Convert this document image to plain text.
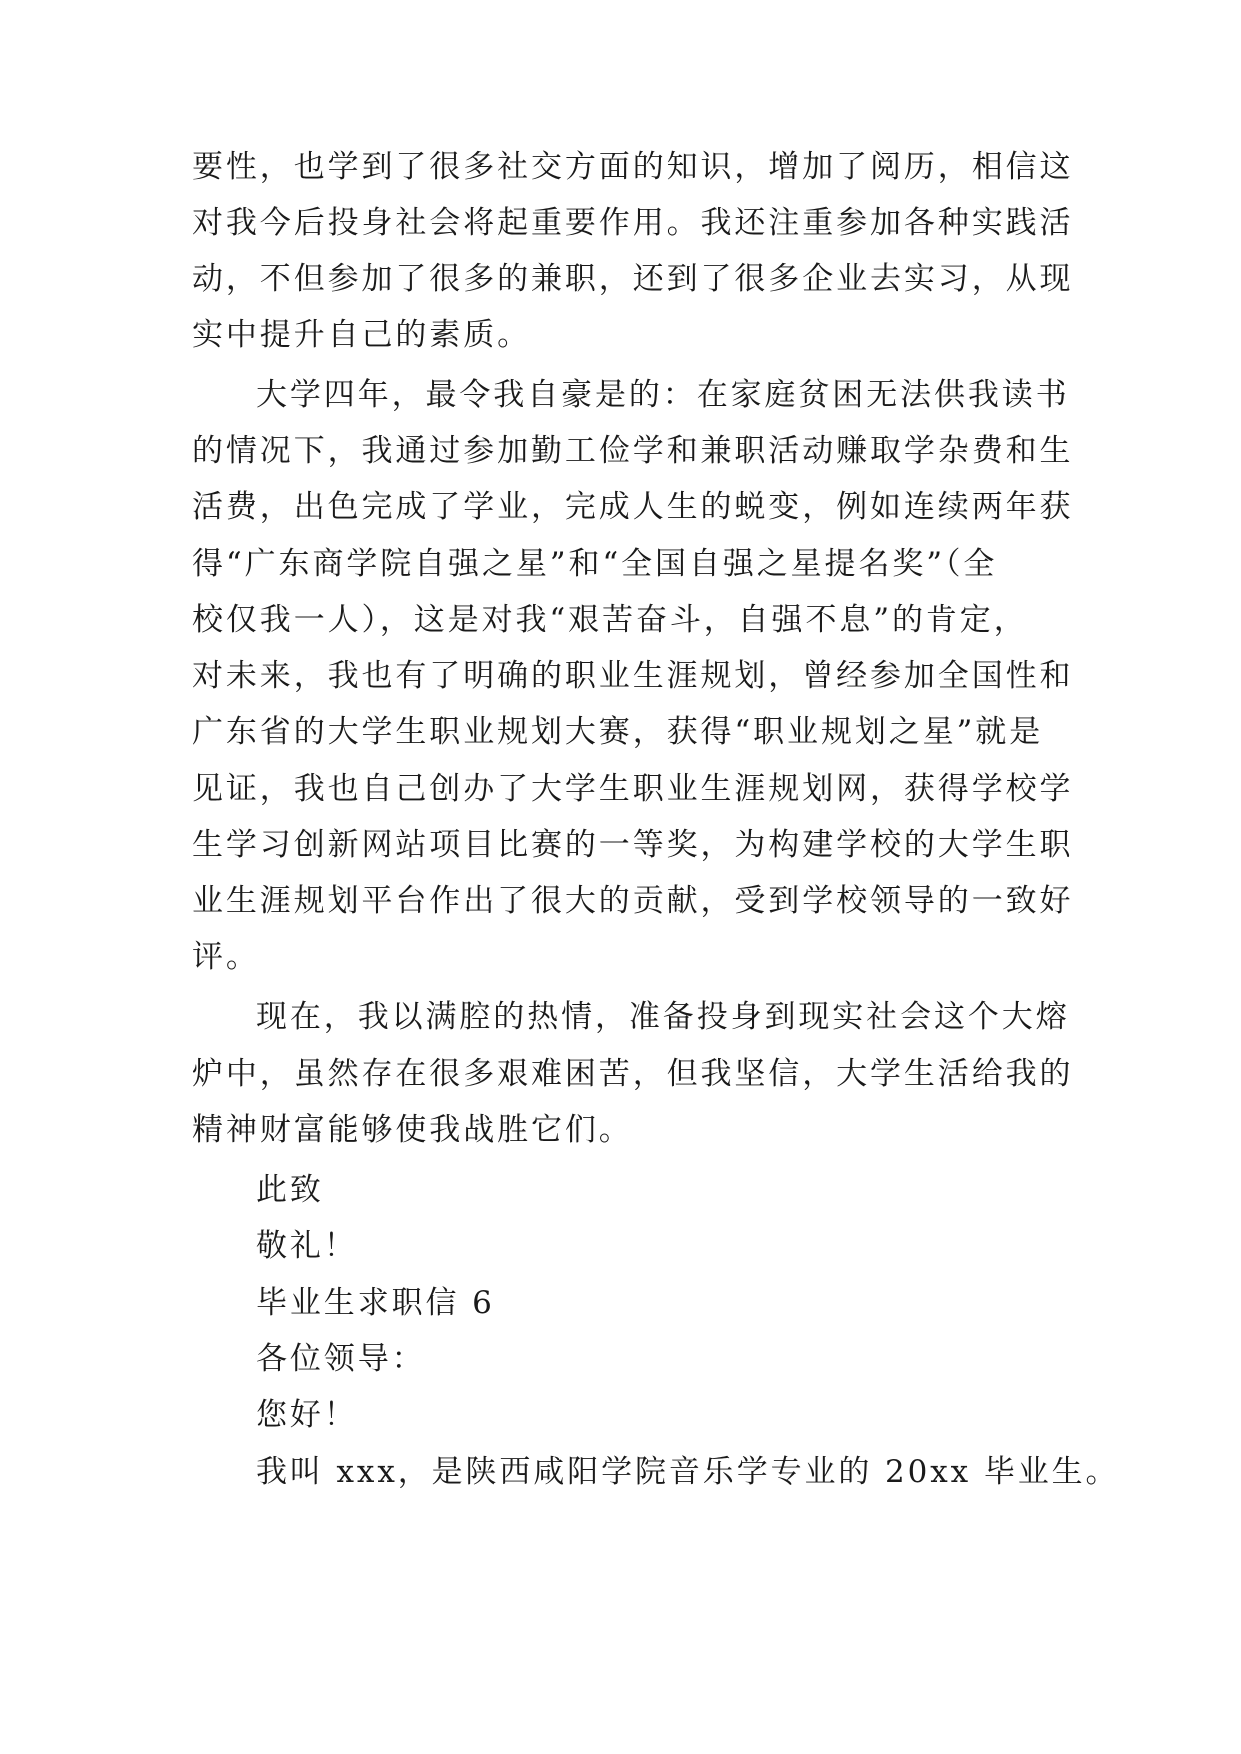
要性，也学到了很多社交方面的知识，增加了阅历，相信这
对我今后投身社会将起重要作用。我还注重参加各种实践活
动，不但参加了很多的兼职，还到了很多企业去实习，从现
实中提升自己的素质。
大学四年，最令我自豪是的：在家庭贫困无法供我读书
的情况下，我通过参加勤工俭学和兼职活动赚取学杂费和生
活费，出色完成了学业，完成人生的蜕变，例如连续两年获
得“广东商学院自强之星”和“全国自强之星提名奖”（全
校仅我一人），这是对我“艰苦奋斗，自强不息”的肯定，
对未来，我也有了明确的职业生涯规划，曾经参加全国性和
广东省的大学生职业规划大赛，获得“职业规划之星”就是
见证，我也自己创办了大学生职业生涯规划网，获得学校学
生学习创新网站项目比赛的一等奖，为构建学校的大学生职
业生涯规划平台作出了很大的贡献，受到学校领导的一致好
评。
现在，我以满腔的热情，准备投身到现实社会这个大熔
炉中，虽然存在很多艰难困苦，但我坚信，大学生活给我的
精神财富能够使我战胜它们。
此致
敬礼！
毕业生求职信 6
各位领导：
您好！
我叫 xxx，是陕西咸阳学院音乐学专业的 20xx 毕业生。
